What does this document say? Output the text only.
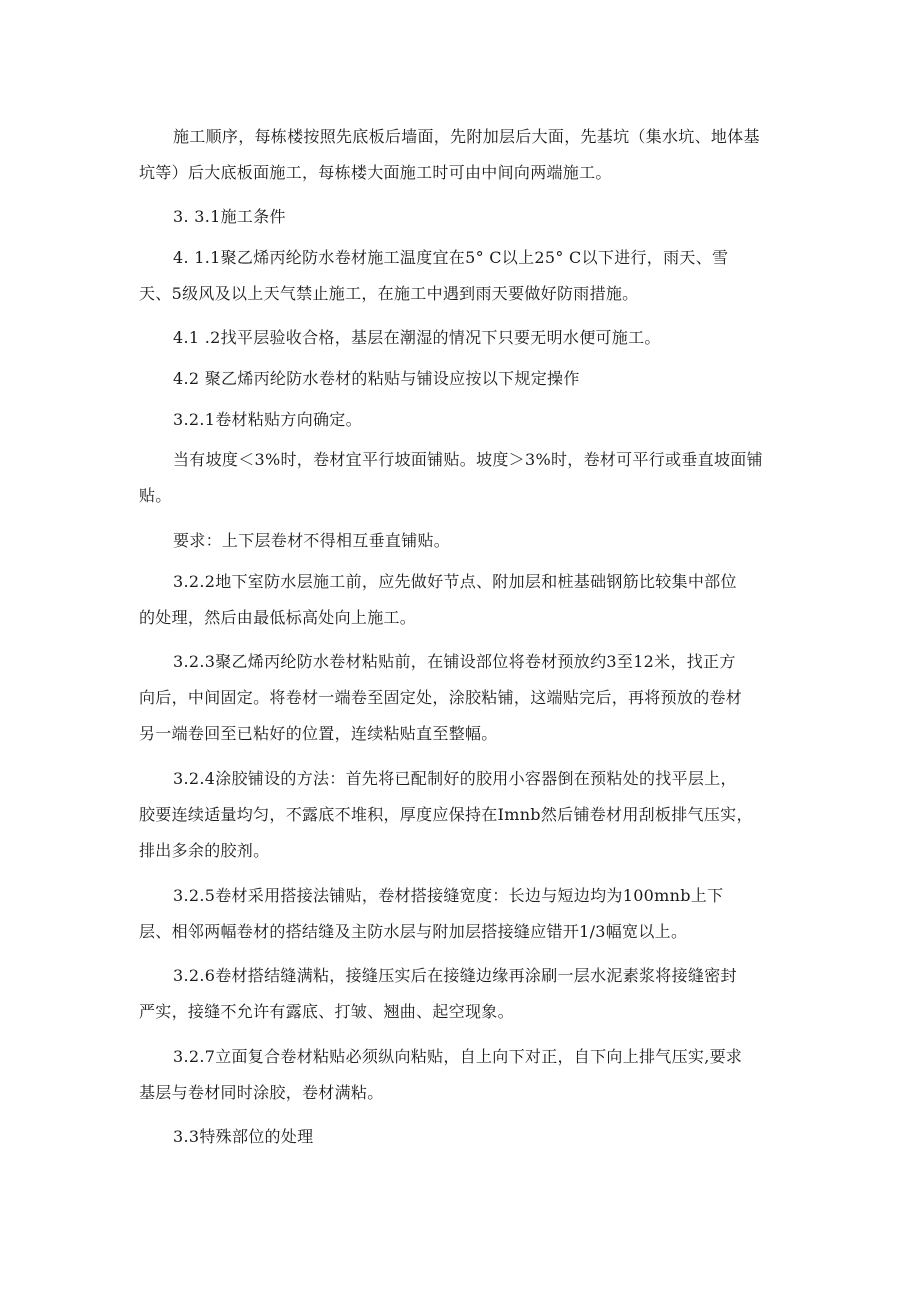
施工顺序，每栋楼按照先底板后墙面，先附加层后大面，先基坑（集水坑、地体基
坑等）后大底板面施工，每栋楼大面施工时可由中间向两端施工。
3. 3.1施工条件
4. 1.1聚乙烯丙纶防水卷材施工温度宜在5° C以上25° C以下进行，雨天、雪
天、5级风及以上天气禁止施工，在施工中遇到雨天要做好防雨措施。
4.1 .2找平层验收合格，基层在潮湿的情况下只要无明水便可施工。
4.2 聚乙烯丙纶防水卷材的粘贴与铺设应按以下规定操作
3.2.1卷材粘贴方向确定。
当有坡度＜3%时，卷材宜平行坡面铺贴。坡度＞3%时，卷材可平行或垂直坡面铺
贴。
要求：上下层卷材不得相互垂直铺贴。
3.2.2地下室防水层施工前，应先做好节点、附加层和桩基础钢筋比较集中部位
的处理，然后由最低标高处向上施工。
3.2.3聚乙烯丙纶防水卷材粘贴前，在铺设部位将卷材预放约3至12米，找正方
向后，中间固定。将卷材一端卷至固定处，涂胶粘铺，这端贴完后，再将预放的卷材
另一端卷回至已粘好的位置，连续粘贴直至整幅。
3.2.4涂胶铺设的方法：首先将已配制好的胶用小容器倒在预粘处的找平层上，
胶要连续适量均匀，不露底不堆积，厚度应保持在Imnb然后铺卷材用刮板排气压实，
排出多余的胶剂。
3.2.5卷材采用搭接法铺贴，卷材搭接缝宽度：长边与短边均为100mnb上下
层、相邻两幅卷材的搭结缝及主防水层与附加层搭接缝应错开1/3幅宽以上。
3.2.6卷材搭结缝满粘，接缝压实后在接缝边缘再涂刷一层水泥素浆将接缝密封
严实，接缝不允许有露底、打皱、翘曲、起空现象。
3.2.7立面复合卷材粘贴必须纵向粘贴，自上向下对正，自下向上排气压实,要求
基层与卷材同时涂胶，卷材满粘。
3.3特殊部位的处理
